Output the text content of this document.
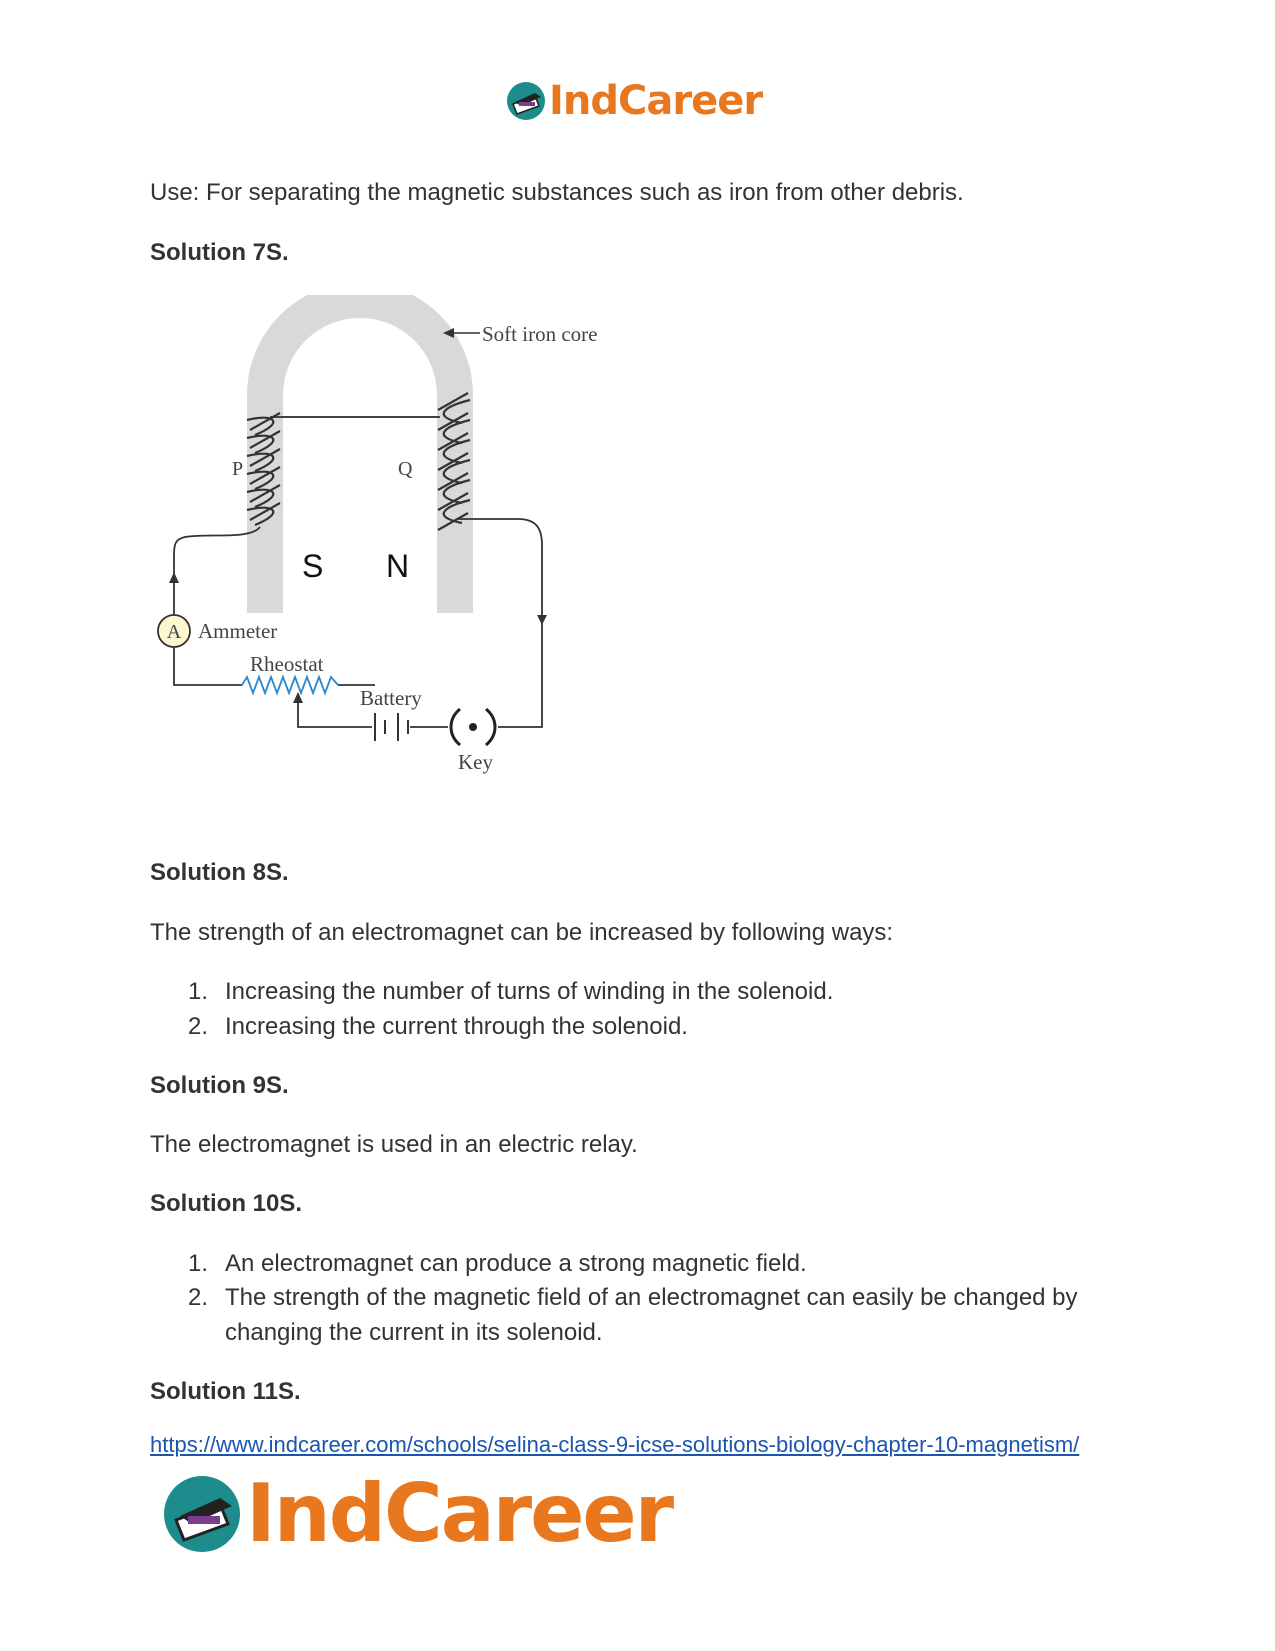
IndCareer
Use: For separating the magnetic substances such as iron from other debris.
Solution 7S.
A
Soft iron core
P	Q
S N
Ammeter
Rheostat
Battery
Key
Solution 8S.
The strength of an electromagnet can be increased by following ways:
1. Increasing the number of turns of winding in the solenoid.
2. Increasing the current through the solenoid.
Solution 9S.
The electromagnet is used in an electric relay.
Solution 10S.
1. An electromagnet can produce a strong magnetic field.
2. The strength of the magnetic field of an electromagnet can easily be changed by
changing the current in its solenoid.
Solution 11S.
https://www.indcareer.com/schools/selina-class-9-icse-solutions-biology-chapter-10-magnetism/
IndCareer
